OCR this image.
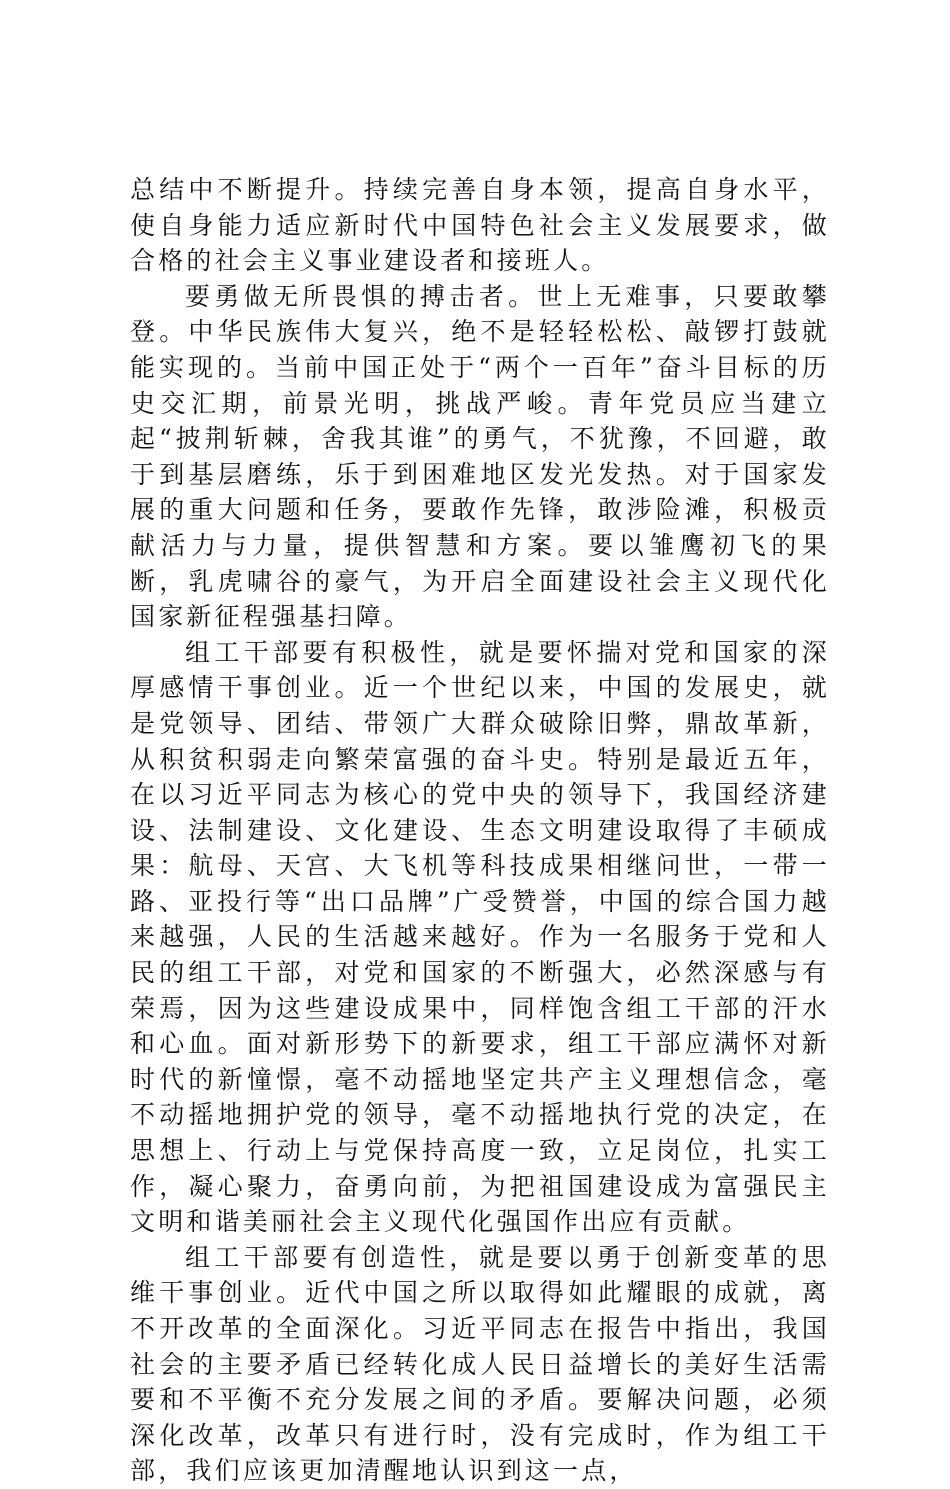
总结中不断提升。持续完善自身本领，提高自身水平，使自身能力适应新时代中国特色社会主义发展要求，做合格的社会主义事业建设者和接班人。

要勇做无所畏惧的搏击者。世上无难事，只要敢攀登。中华民族伟大复兴，绝不是轻轻松松、敲锣打鼓就能实现的。当前中国正处于“两个一百年”奋斗目标的历史交汇期，前景光明，挑战严峻。青年党员应当建立起“披荆斩棘，舍我其谁”的勇气，不犹豫，不回避，敢于到基层磨练，乐于到困难地区发光发热。对于国家发展的重大问题和任务，要敢作先锋，敢涉险滩，积极贡献活力与力量，提供智慧和方案。要以雏鹰初飞的果断，乳虎啸谷的豪气，为开启全面建设社会主义现代化国家新征程强基扫障。

组工干部要有积极性，就是要怀揣对党和国家的深厚感情干事创业。近一个世纪以来，中国的发展史，就是党领导、团结、带领广大群众破除旧弊，鼎故革新，从积贫积弱走向繁荣富强的奋斗史。特别是最近五年，在以习近平同志为核心的党中央的领导下，我国经济建设、法制建设、文化建设、生态文明建设取得了丰硕成果：航母、天宫、大飞机等科技成果相继问世，一带一路、亚投行等“出口品牌”广受赞誉，中国的综合国力越来越强，人民的生活越来越好。作为一名服务于党和人民的组工干部，对党和国家的不断强大，必然深感与有荣焉，因为这些建设成果中，同样饱含组工干部的汗水和心血。面对新形势下的新要求，组工干部应满怀对新时代的新憧憬，毫不动摇地坚定共产主义理想信念，毫不动摇地拥护党的领导，毫不动摇地执行党的决定，在思想上、行动上与党保持高度一致，立足岗位，扎实工作，凝心聚力，奋勇向前，为把祖国建设成为富强民主文明和谐美丽社会主义现代化强国作出应有贡献。

组工干部要有创造性，就是要以勇于创新变革的思维干事创业。近代中国之所以取得如此耀眼的成就，离不开改革的全面深化。习近平同志在报告中指出，我国社会的主要矛盾已经转化成人民日益增长的美好生活需要和不平衡不充分发展之间的矛盾。要解决问题，必须深化改革，改革只有进行时，没有完成时，作为组工干部，我们应该更加清醒地认识到这一点，
